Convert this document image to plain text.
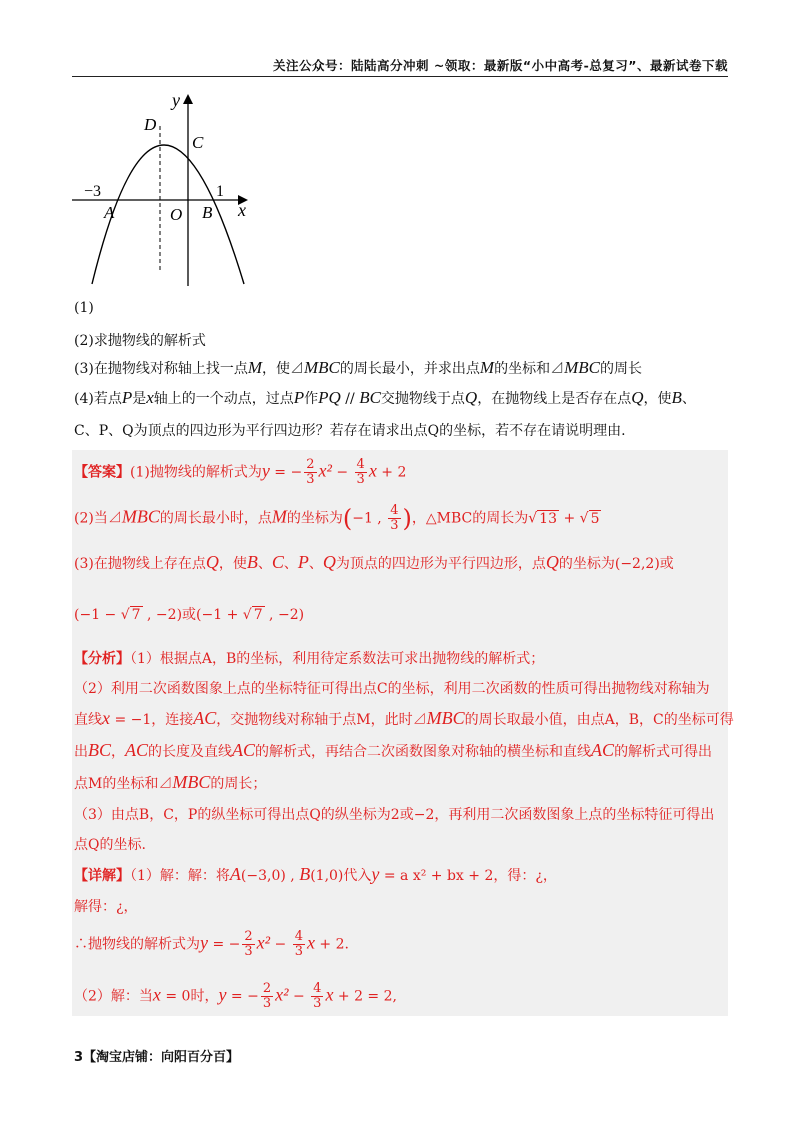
关注公众号：陆陆高分冲刺 ~领取：最新版“小中高考-总复习”、最新试卷下载
y
x
D
C
−3	1
A	O B
(1)
(2)求抛物线的解析式
(3)在抛物线对称轴上找一点M，使⊿MBC的周长最小，并求出点M的坐标和⊿MBC的周长
(4)若点P是x轴上的一个动点，过点P作PQ // BC交抛物线于点Q，在抛物线上是否存在点Q，使B、
C、P、Q为顶点的四边形为平行四边形？若存在请求出点Q的坐标，若不存在请说明理由.
【答案】(1)抛物线的解析式为y = − $\frac{2}{3} x^2 - \frac{4}{3}$ x + 2
(2)当⊿MBC的周长最小时，点M的坐标为(−1 , $\frac{4}{3}$ )，△MBC的周长为√ 13 + √ 5
(3)在抛物线上存在点Q，使B、C、P、Q为顶点的四边形为平行四边形，点Q的坐标为(−2,2)或
(−1 − √ 7 , −2)或(−1 + √ 7 , −2)
【分析】（1）根据点A，B的坐标，利用待定系数法可求出抛物线的解析式；
（2）利用二次函数图象上点的坐标特征可得出点C的坐标，利用二次函数的性质可得出抛物线对称轴为
直线x = −1，连接AC，交抛物线对称轴于点M，此时⊿MBC的周长取最小值，由点A，B，C的坐标可得
出BC，AC的长度及直线AC的解析式，再结合二次函数图象对称轴的横坐标和直线AC的解析式可得出
点M的坐标和⊿MBC的周长；
（3）由点B，C，P的纵坐标可得出点Q的纵坐标为2或−2，再利用二次函数图象上点的坐标特征可得出
点Q的坐标.
【详解】（1）解：解：将A(−3,0) , B(1,0)代入y = a x² + bx + 2，得：¿，
解得：¿，
∴抛物线的解析式为y = − $\frac{2}{3} x^2 - \frac{4}{3}$ x + 2.
（2）解：当x = 0时，y = − $\frac{2}{3} x^2 - \frac{4}{3}$ x + 2 = 2,
3【淘宝店铺：向阳百分百】
